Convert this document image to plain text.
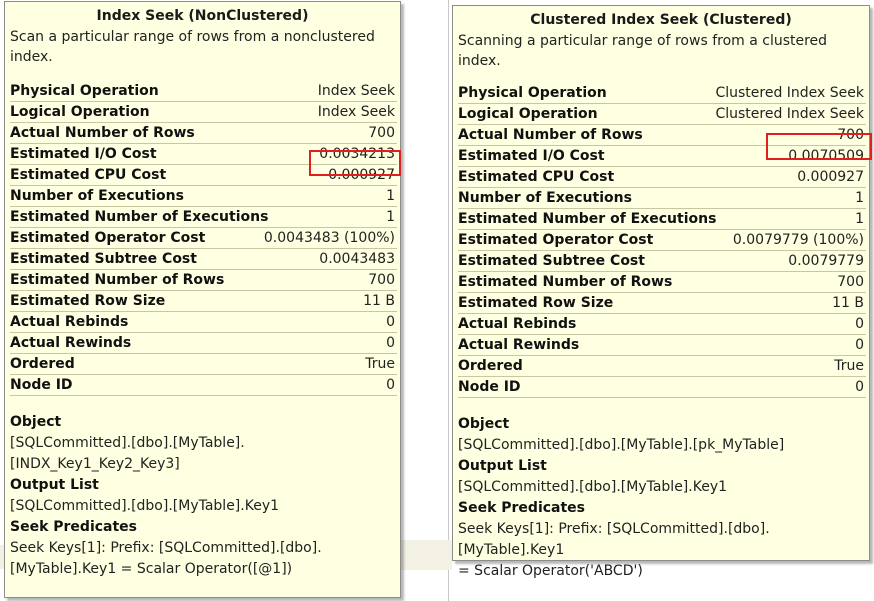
Index Seek (NonClustered)
Scan a particular range of rows from a nonclustered index.
Physical Operation	Index Seek
Logical Operation	Index Seek
Actual Number of Rows	700
Estimated I/O Cost	0.0034213
Estimated CPU Cost	0.000927
Number of Executions	1
Estimated Number of Executions	1
Estimated Operator Cost	0.0043483 (100%)
Estimated Subtree Cost	0.0043483
Estimated Number of Rows	700
Estimated Row Size	11 B
Actual Rebinds	0
Actual Rewinds	0
Ordered	True
Node ID	0
Object
[SQLCommitted].[dbo].[MyTable].
[INDX_Key1_Key2_Key3]
Output List
[SQLCommitted].[dbo].[MyTable].Key1
Seek Predicates
Seek Keys[1]: Prefix: [SQLCommitted].[dbo].
[MyTable].Key1 = Scalar Operator([@1])
Clustered Index Seek (Clustered)
Scanning a particular range of rows from a clustered index.
Physical Operation	Clustered Index Seek
Logical Operation	Clustered Index Seek
Actual Number of Rows	700
Estimated I/O Cost	0.0070509
Estimated CPU Cost	0.000927
Number of Executions	1
Estimated Number of Executions	1
Estimated Operator Cost	0.0079779 (100%)
Estimated Subtree Cost	0.0079779
Estimated Number of Rows	700
Estimated Row Size	11 B
Actual Rebinds	0
Actual Rewinds	0
Ordered	True
Node ID	0
Object
[SQLCommitted].[dbo].[MyTable].[pk_MyTable]
Output List
[SQLCommitted].[dbo].[MyTable].Key1
Seek Predicates
Seek Keys[1]: Prefix: [SQLCommitted].[dbo].[MyTable].Key1
= Scalar Operator('ABCD')
